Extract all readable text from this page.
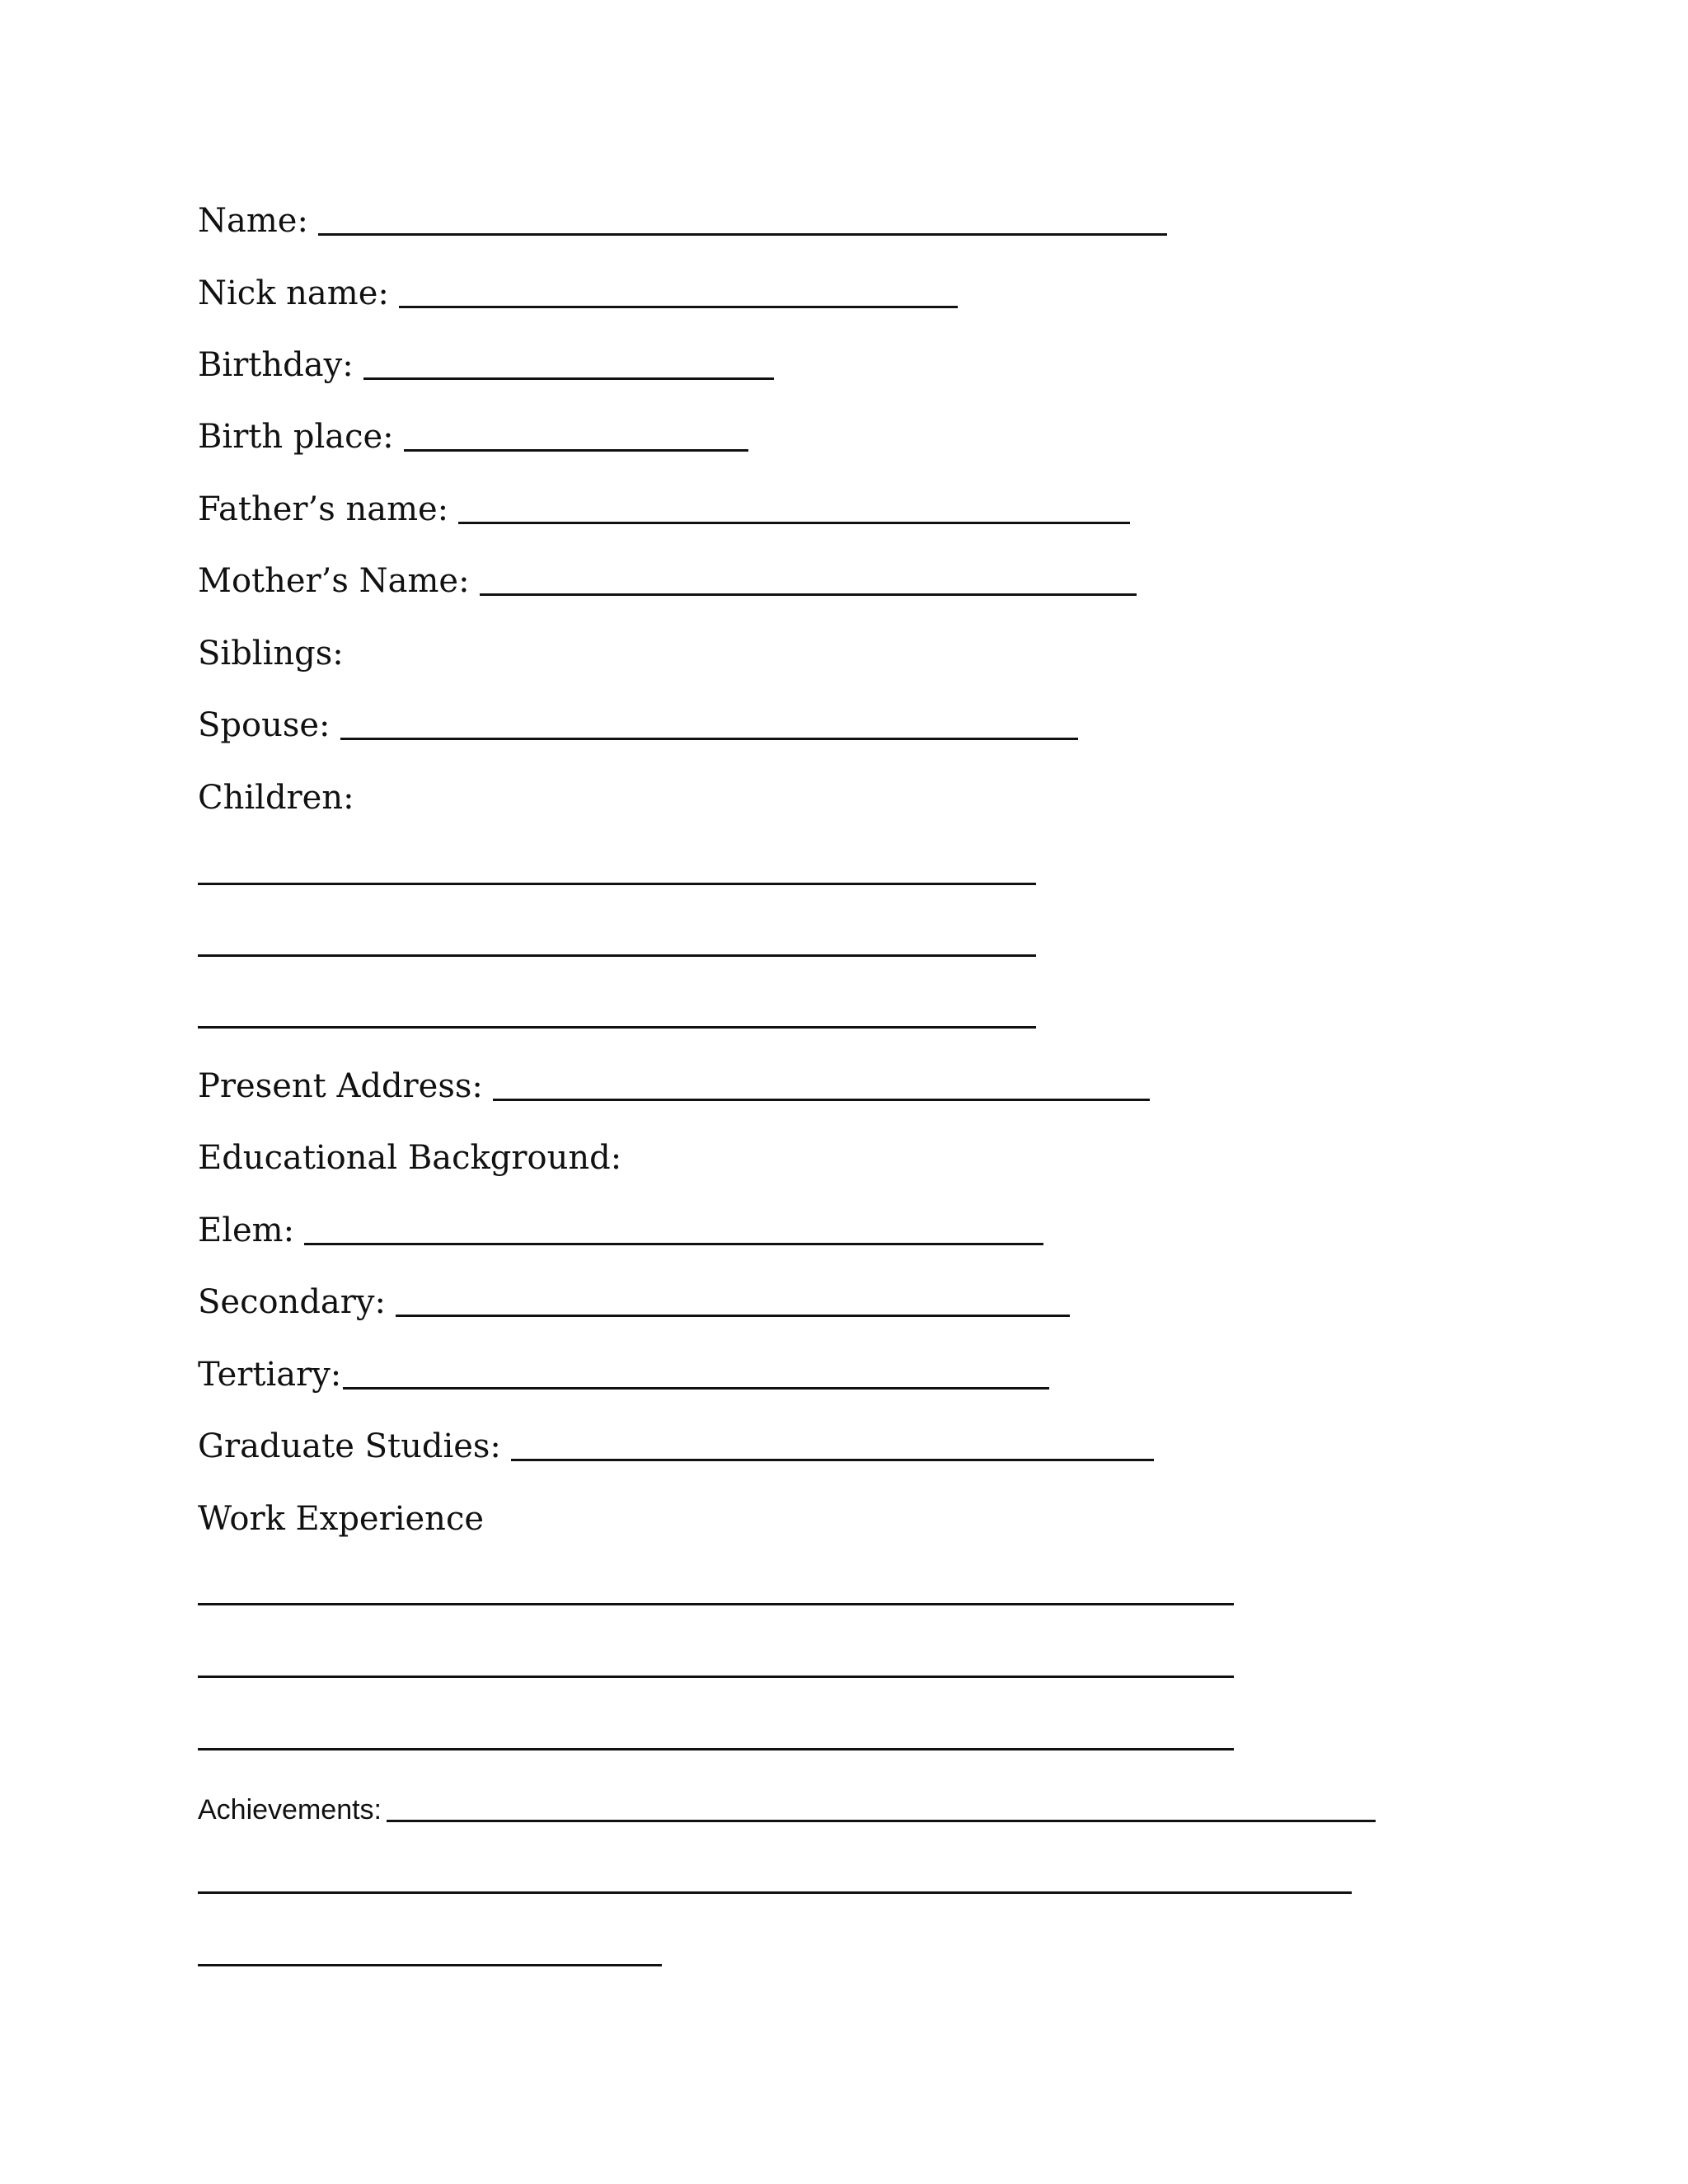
Name:
Nick name:
Birthday:
Birth place:
Father’s name:
Mother’s Name:
Siblings:
Spouse:
Children:
Present Address:
Educational Background:
Elem:
Secondary:
Tertiary:
Graduate Studies:
Work Experience
Achievements:
